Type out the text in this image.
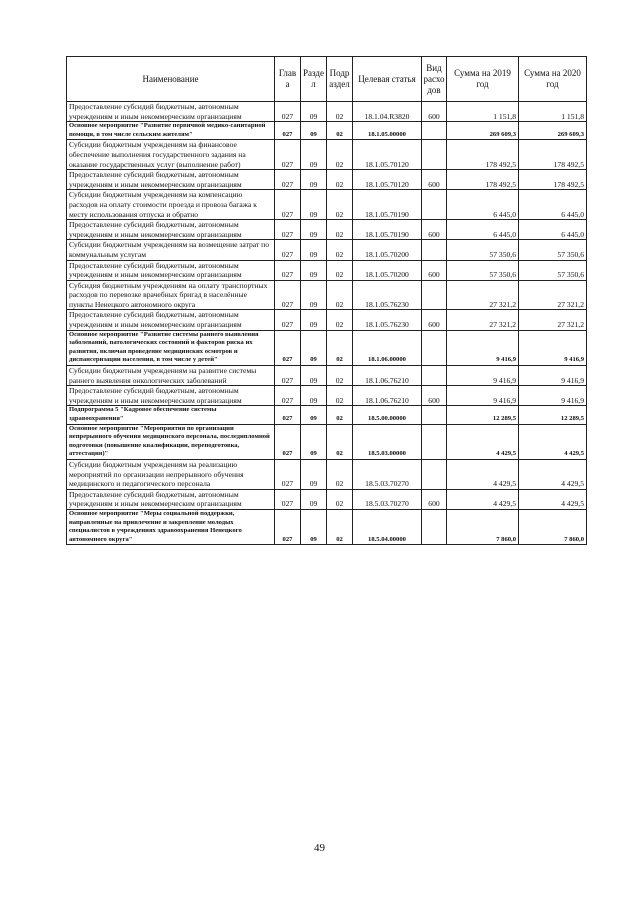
Наименование	Глав а	Разде л	Подр аздел	Целевая статья	Вид расхо дов	Сумма на 2019 год	Сумма на 2020 год
Предоставление субсидий бюджетным, автономным учреждениям и иным некоммерческим организациям	027	09	02	18.1.04.R3820	600	1 151,8	1 151,8
Основное мероприятие "Развитие первичной медико-санитарной помощи, в том числе сельским жителям"	027	09	02	18.1.05.00000		269 609,3	269 609,3
Субсидии бюджетным учреждениям на финансовое обеспечение выполнения государственного задания на оказание государственных услуг (выполнение работ)	027	09	02	18.1.05.70120		178 492,5	178 492,5
Предоставление субсидий бюджетным, автономным учреждениям и иным некоммерческим организациям	027	09	02	18.1.05.70120	600	178 492,5	178 492,5
Субсидии бюджетным учреждениям на компенсацию расходов на оплату стоимости проезда и провоза багажа к месту использования отпуска и обратно	027	09	02	18.1.05.70190		6 445,0	6 445,0
Предоставление субсидий бюджетным, автономным учреждениям и иным некоммерческим организациям	027	09	02	18.1.05.70190	600	6 445,0	6 445,0
Субсидии бюджетным учреждениям на возмещение затрат по коммунальным услугам	027	09	02	18.1.05.70200		57 350,6	57 350,6
Предоставление субсидий бюджетным, автономным учреждениям и иным некоммерческим организациям	027	09	02	18.1.05.70200	600	57 350,6	57 350,6
Субсидия бюджетным учреждениям на оплату транспортных расходов по перевозке врачебных бригад в населённые пункты Ненецкого автономного округа	027	09	02	18.1.05.76230		27 321,2	27 321,2
Предоставление субсидий бюджетным, автономным учреждениям и иным некоммерческим организациям	027	09	02	18.1.05.76230	600	27 321,2	27 321,2
Основное мероприятие "Развитие системы раннего выявления заболеваний, патологических состояний и факторов риска их развития, включая проведение медицинских осмотров и диспансеризации населения, в том числе у детей"	027	09	02	18.1.06.00000		9 416,9	9 416,9
Субсидии бюджетным учреждениям на развитие системы раннего выявления онкологических заболеваний	027	09	02	18.1.06.76210		9 416,9	9 416,9
Предоставление субсидий бюджетным, автономным учреждениям и иным некоммерческим организациям	027	09	02	18.1.06.76210	600	9 416,9	9 416,9
Подпрограмма 5 "Кадровое обеспечение системы здравоохранения"	027	09	02	18.5.00.00000		12 289,5	12 289,5
Основное мероприятие "Мероприятия по организации непрерывного обучения медицинского персонала, последипломной подготовки (повышение квалификации, переподготовка, аттестация)"	027	09	02	18.5.03.00000		4 429,5	4 429,5
Субсидии бюджетным учреждениям на реализацию мероприятий по организации непрерывного обучения медицинского и педагогического персонала	027	09	02	18.5.03.70270		4 429,5	4 429,5
Предоставление субсидий бюджетным, автономным учреждениям и иным некоммерческим организациям	027	09	02	18.5.03.70270	600	4 429,5	4 429,5
Основное мероприятие "Меры социальной поддержки, направленные на привлечение и закрепление молодых специалистов в учреждениях здравоохранения Ненецкого автономного округа"	027	09	02	18.5.04.00000		7 860,0	7 860,0
49
